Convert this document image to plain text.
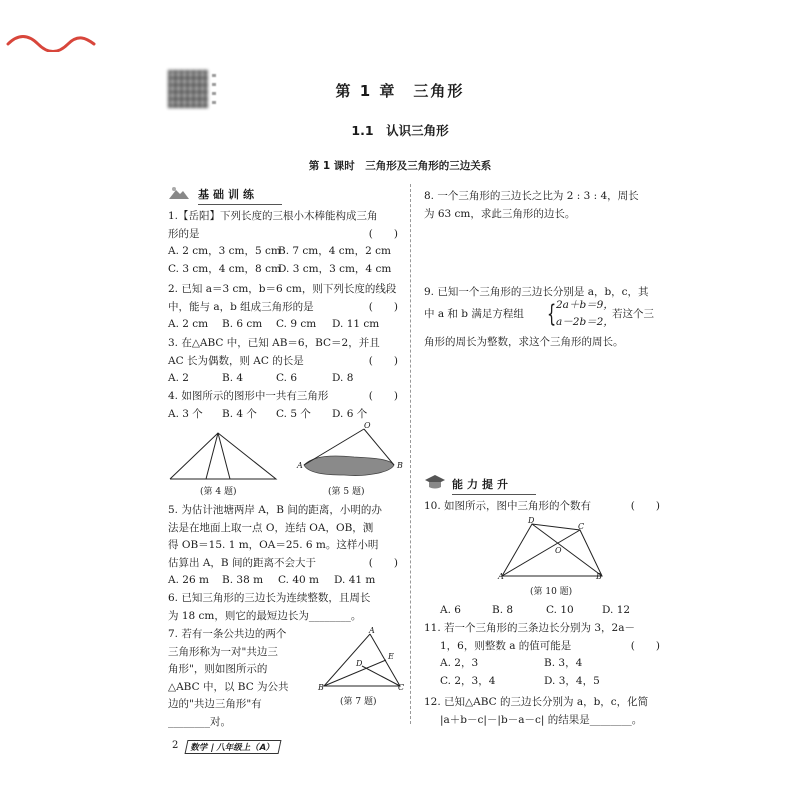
第 1 章　三角形
1.1　认识三角形
第 1 课时　三角形及三角形的三边关系
基础训练
1.【岳阳】下列长度的三根小木棒能构成三角
形的是	(　　)
A. 2 cm，3 cm，5 cm
B. 7 cm，4 cm，2 cm
C. 3 cm，4 cm，8 cm
D. 3 cm，3 cm，4 cm
2. 已知 a＝3 cm，b＝6 cm，则下列长度的线段
中，能与 a，b 组成三角形的是	(　　)
A. 2 cm	B. 6 cm	C. 9 cm	D. 11 cm
3. 在△ABC 中，已知 AB＝6，BC＝2，并且
AC 长为偶数，则 AC 的长是	(　　)
A. 2	B. 4	C. 6	D. 8
4. 如图所示的图形中一共有三角形	(　　)
A. 3 个	B. 4 个	C. 5 个	D. 6 个
(第 4 题)
O
A	B
(第 5 题)
5. 为估计池塘两岸 A，B 间的距离，小明的办
法是在地面上取一点 O，连结 OA，OB，测
得 OB＝15. 1 m，OA＝25. 6 m。这样小明
估算出 A，B 间的距离不会大于	(　　)
A. 26 m	B. 38 m	C. 40 m	D. 41 m
6. 已知三角形的三边长为连续整数，且周长
为 18 cm，则它的最短边长为________。
7. 若有一条公共边的两个
三角形称为一对"共边三
角形"，则如图所示的
△ABC 中，以 BC 为公共
边的"共边三角形"有
________对。
A
B	C
D
E
(第 7 题)
8. 一个三角形的三边长之比为 2 : 3 : 4，周长
为 63 cm，求此三角形的边长。
9. 已知一个三角形的三边长分别是 a，b，c，其
中 a 和 b 满足方程组 { 2a＋b＝9，
a－2b＝2，
若这个三
角形的周长为整数，求这个三角形的周长。
能力提升
10. 如图所示，图中三角形的个数有	(　　)
D
C
O
A	B
(第 10 题)
A. 6	B. 8	C. 10	D. 12
11. 若一个三角形的三条边长分别为 3，2a－
1，6，则整数 a 的值可能是	(　　)
A. 2，3	B. 3，4
C. 2，3，4	D. 3，4，5
12. 已知△ABC 的三边长分别为 a，b，c，化简
|a＋b－c|－|b－a－c| 的结果是________。
2	数学 | 八年级上（A）
